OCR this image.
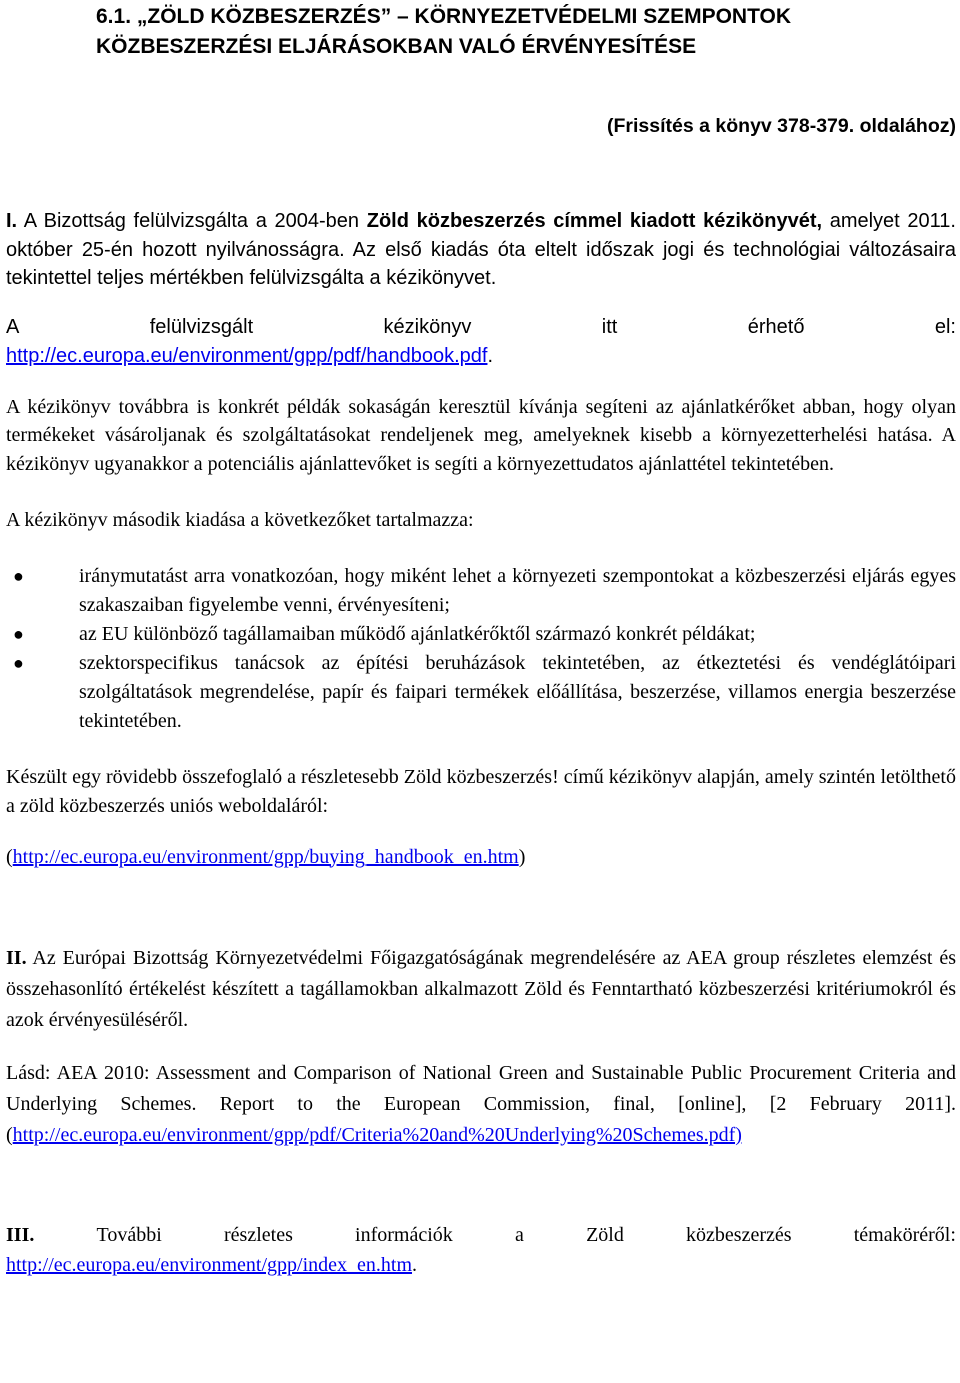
6.1. „ZÖLD KÖZBESZERZÉS” – KÖRNYEZETVÉDELMI SZEMPONTOK
KÖZBESZERZÉSI ELJÁRÁSOKBAN VALÓ ÉRVÉNYESÍTÉSE
(Frissítés a könyv 378-379. oldalához)

I. A Bizottság felülvizsgálta a 2004-ben Zöld közbeszerzés címmel kiadott kézikönyvét, amelyet 2011. október 25-én hozott nyilvánosságra. Az első kiadás óta eltelt időszak jogi és technológiai változásaira tekintettel teljes mértékben felülvizsgálta a kézikönyvet.

A	felülvizsgált	kézikönyv	itt	érhető	el:
http://ec.europa.eu/environment/gpp/pdf/handbook.pdf.

A kézikönyv továbbra is konkrét példák sokaságán keresztül kívánja segíteni az ajánlatkérőket abban, hogy olyan termékeket vásároljanak és szolgáltatásokat rendeljenek meg, amelyeknek kisebb a környezetterhelési hatása. A kézikönyv ugyanakkor a potenciális ajánlattevőket is segíti a környezettudatos ajánlattétel tekintetében.

A kézikönyv második kiadása a következőket tartalmazza:

●	iránymutatást arra vonatkozóan, hogy miként lehet a környezeti szempontokat a közbeszerzési eljárás egyes szakaszaiban figyelembe venni, érvényesíteni;
●	az EU különböző tagállamaiban működő ajánlatkérőktől származó konkrét példákat;
●	szektorspecifikus tanácsok az építési beruházások tekintetében, az étkeztetési és vendéglátóipari szolgáltatások megrendelése, papír és faipari termékek előállítása, beszerzése, villamos energia beszerzése tekintetében.

Készült egy rövidebb összefoglaló a részletesebb Zöld közbeszerzés! című kézikönyv alapján, amely szintén letölthető a zöld közbeszerzés uniós weboldaláról:

(http://ec.europa.eu/environment/gpp/buying_handbook_en.htm)

II. Az Európai Bizottság Környezetvédelmi Főigazgatóságának megrendelésére az AEA group részletes elemzést és összehasonlító értékelést készített a tagállamokban alkalmazott Zöld és Fenntartható közbeszerzési kritériumokról és azok érvényesüléséről.

Lásd: AEA 2010: Assessment and Comparison of National Green and Sustainable Public Procurement Criteria and Underlying Schemes. Report to the European Commission, final, [online], [2 February 2011]. (http://ec.europa.eu/environment/gpp/pdf/Criteria%20and%20Underlying%20Schemes.pdf)

III.	További	részletes	információk	a	Zöld	közbeszerzés	témaköréről:
http://ec.europa.eu/environment/gpp/index_en.htm.
